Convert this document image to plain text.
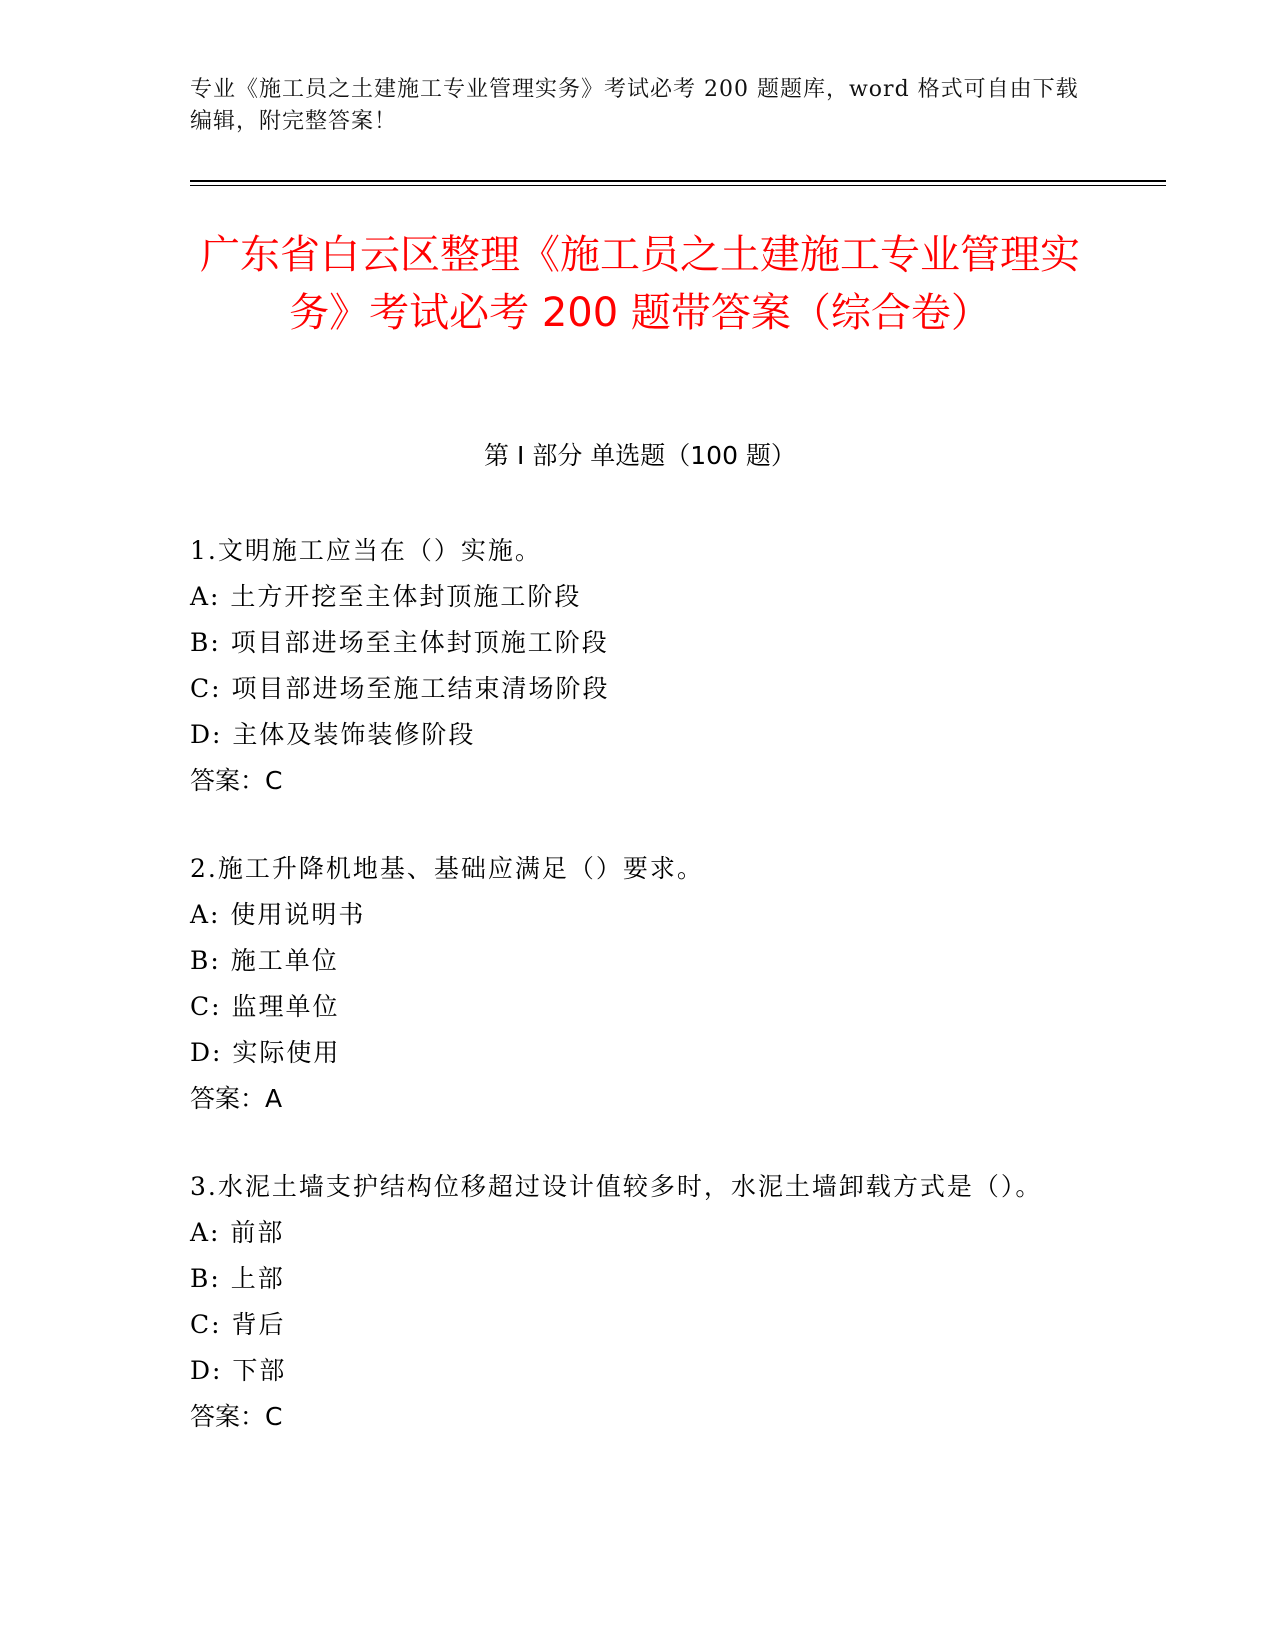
专业《施工员之土建施工专业管理实务》考试必考 200 题题库，word 格式可自由下载编辑，附完整答案！
广东省白云区整理《施工员之土建施工专业管理实务》考试必考 200 题带答案（综合卷）
第 I 部分 单选题（100 题）

1.文明施工应当在（）实施。

A: 土方开挖至主体封顶施工阶段

B: 项目部进场至主体封顶施工阶段

C: 项目部进场至施工结束清场阶段

D: 主体及装饰装修阶段

答案：C

2.施工升降机地基、基础应满足（）要求。

A: 使用说明书

B: 施工单位

C: 监理单位

D: 实际使用

答案：A

3.水泥土墙支护结构位移超过设计值较多时，水泥土墙卸载方式是（）。

A: 前部

B: 上部

C: 背后

D: 下部

答案：C
